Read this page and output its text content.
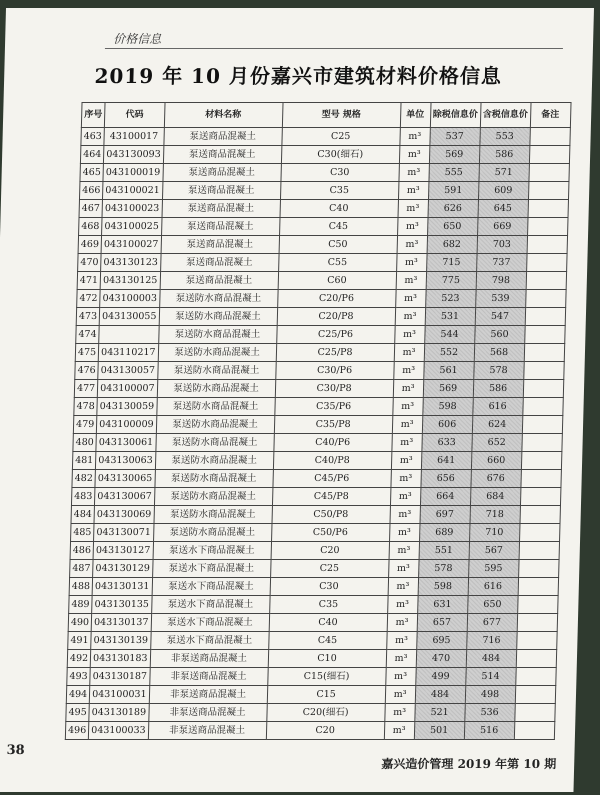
价格信息
2019 年 10 月份嘉兴市建筑材料价格信息
序号	代码	材料名称	型号 规格	单位	除税信息价	含税信息价	备注
463	43100017	泵送商品混凝土	C25	m³	537	553	
464	043130093	泵送商品混凝土	C30(细石)	m³	569	586	
465	043100019	泵送商品混凝土	C30	m³	555	571	
466	043100021	泵送商品混凝土	C35	m³	591	609	
467	043100023	泵送商品混凝土	C40	m³	626	645	
468	043100025	泵送商品混凝土	C45	m³	650	669	
469	043100027	泵送商品混凝土	C50	m³	682	703	
470	043130123	泵送商品混凝土	C55	m³	715	737	
471	043130125	泵送商品混凝土	C60	m³	775	798	
472	043100003	泵送防水商品混凝土	C20/P6	m³	523	539	
473	043130055	泵送防水商品混凝土	C20/P8	m³	531	547	
474		泵送防水商品混凝土	C25/P6	m³	544	560	
475	043110217	泵送防水商品混凝土	C25/P8	m³	552	568	
476	043130057	泵送防水商品混凝土	C30/P6	m³	561	578	
477	043100007	泵送防水商品混凝土	C30/P8	m³	569	586	
478	043130059	泵送防水商品混凝土	C35/P6	m³	598	616	
479	043100009	泵送防水商品混凝土	C35/P8	m³	606	624	
480	043130061	泵送防水商品混凝土	C40/P6	m³	633	652	
481	043130063	泵送防水商品混凝土	C40/P8	m³	641	660	
482	043130065	泵送防水商品混凝土	C45/P6	m³	656	676	
483	043130067	泵送防水商品混凝土	C45/P8	m³	664	684	
484	043130069	泵送防水商品混凝土	C50/P8	m³	697	718	
485	043130071	泵送防水商品混凝土	C50/P6	m³	689	710	
486	043130127	泵送水下商品混凝土	C20	m³	551	567	
487	043130129	泵送水下商品混凝土	C25	m³	578	595	
488	043130131	泵送水下商品混凝土	C30	m³	598	616	
489	043130135	泵送水下商品混凝土	C35	m³	631	650	
490	043130137	泵送水下商品混凝土	C40	m³	657	677	
491	043130139	泵送水下商品混凝土	C45	m³	695	716	
492	043130183	非泵送商品混凝土	C10	m³	470	484	
493	043130187	非泵送商品混凝土	C15(细石)	m³	499	514	
494	043100031	非泵送商品混凝土	C15	m³	484	498	
495	043130189	非泵送商品混凝土	C20(细石)	m³	521	536	
496	043100033	非泵送商品混凝土	C20	m³	501	516	
38
嘉兴造价管理 2019 年第 10 期
